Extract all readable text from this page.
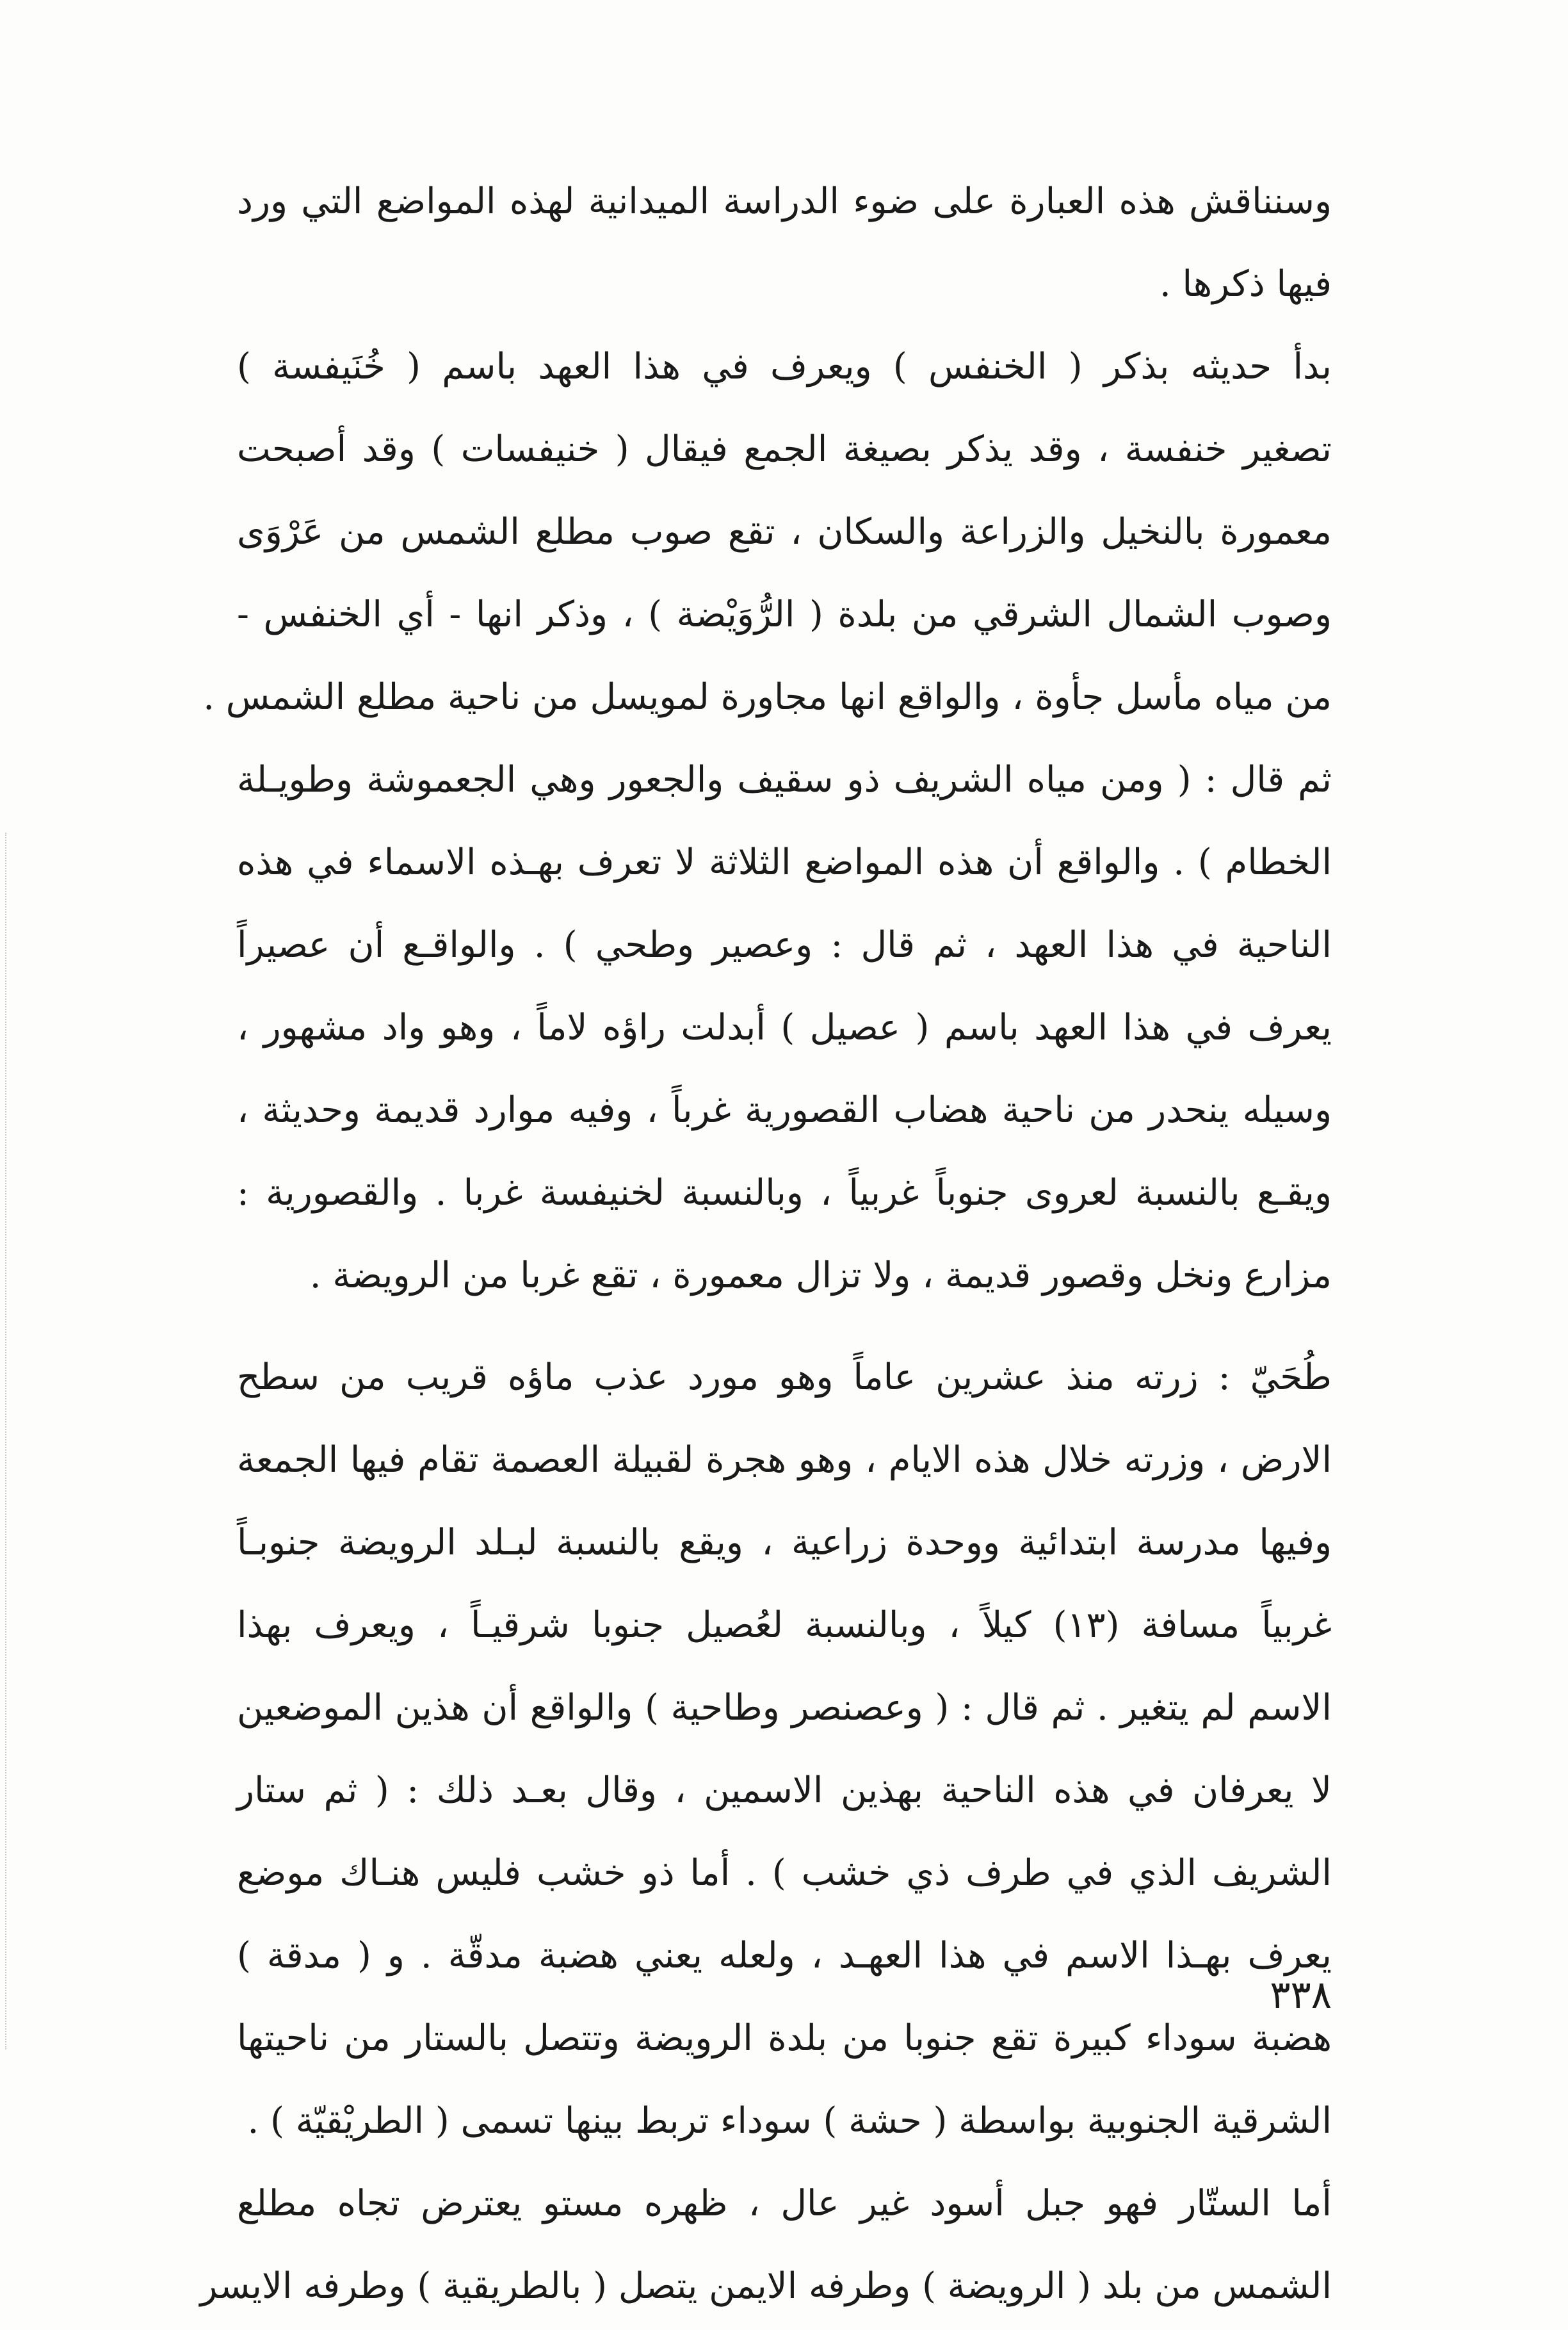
وسنناقش هذه العبارة على ضوء الدراسة الميدانية لهذه المواضع التي ورد
فيها ذكرها .
بدأ حديثه بذكر ( الخنفس ) ويعرف في هذا العهد باسم ( خُنَيفسة )
تصغير خنفسة ، وقد يذكر بصيغة الجمع فيقال ( خنيفسات ) وقد أصبحت
معمورة بالنخيل والزراعة والسكان ، تقع صوب مطلع الشمس من عَرْوَى
وصوب الشمال الشرقي من بلدة ( الرُّوَيْضة ) ، وذكر انها - أي الخنفس -
من مياه مأسل جأوة ، والواقع انها مجاورة لمويسل من ناحية مطلع الشمس .
ثم قال : ( ومن مياه الشريف ذو سقيف والجعور وهي الجعموشة وطويـلة
الخطام ) . والواقع أن هذه المواضع الثلاثة لا تعرف بهـذه الاسماء في هذه
الناحية في هذا العهد ، ثم قال : وعصير وطحي ) . والواقـع أن عصيراً
يعرف في هذا العهد باسم ( عصيل ) أبدلت راؤه لاماً ، وهو واد مشهور ،
وسيله ينحدر من ناحية هضاب القصورية غرباً ، وفيه موارد قديمة وحديثة ،
ويقـع بالنسبة لعروى جنوباً غربياً ، وبالنسبة لخنيفسة غربا . والقصورية :
مزارع ونخل وقصور قديمة ، ولا تزال معمورة ، تقع غربا من الرويضة .
طُحَيّ : زرته منذ عشرين عاماً وهو مورد عذب ماؤه قريب من سطح
الارض ، وزرته خلال هذه الايام ، وهو هجرة لقبيلة العصمة تقام فيها الجمعة
وفيها مدرسة ابتدائية ووحدة زراعية ، ويقع بالنسبة لبـلد الرويضة جنوبـاً
غربياً مسافة (١٣) كيلاً ، وبالنسبة لعُصيل جنوبا شرقيـاً ، ويعرف بهذا
الاسم لم يتغير . ثم قال : ( وعصنصر وطاحية ) والواقع أن هذين الموضعين
لا يعرفان في هذه الناحية بهذين الاسمين ، وقال بعـد ذلك : ( ثم ستار
الشريف الذي في طرف ذي خشب ) . أما ذو خشب فليس هنـاك موضع
يعرف بهـذا الاسم في هذا العهـد ، ولعله يعني هضبة مدقّة . و ( مدقة )
هضبة سوداء كبيرة تقع جنوبا من بلدة الرويضة وتتصل بالستار من ناحيتها
الشرقية الجنوبية بواسطة ( حشة ) سوداء تربط بينها تسمى ( الطريْقيّة ) .
أما الستّار فهو جبل أسود غير عال ، ظهره مستو يعترض تجاه مطلع
الشمس من بلد ( الرويضة ) وطرفه الايمن يتصل ( بالطريقية ) وطرفه الايسر
٣٣٨
